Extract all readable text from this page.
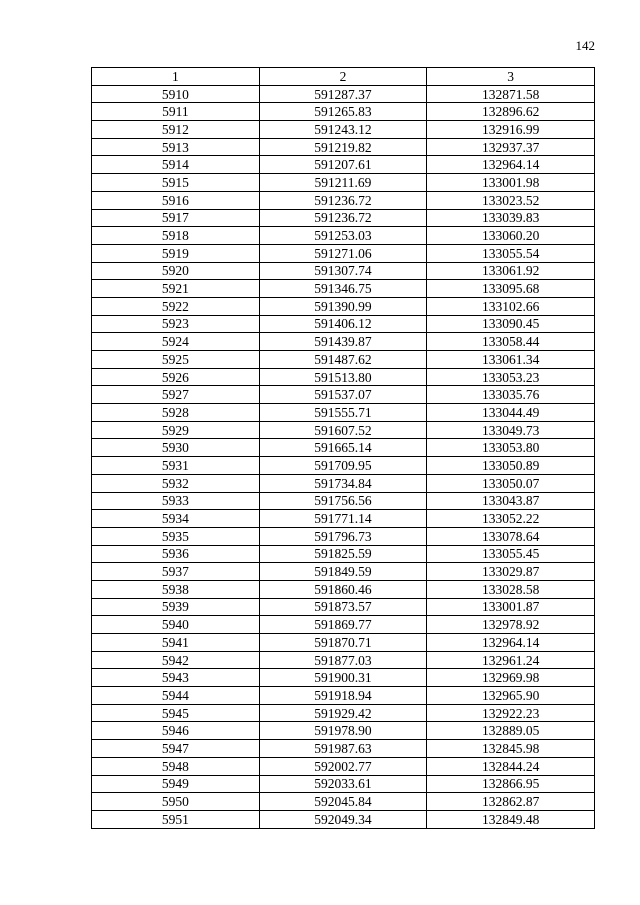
142
1	2	3
5910	591287.37	132871.58
5911	591265.83	132896.62
5912	591243.12	132916.99
5913	591219.82	132937.37
5914	591207.61	132964.14
5915	591211.69	133001.98
5916	591236.72	133023.52
5917	591236.72	133039.83
5918	591253.03	133060.20
5919	591271.06	133055.54
5920	591307.74	133061.92
5921	591346.75	133095.68
5922	591390.99	133102.66
5923	591406.12	133090.45
5924	591439.87	133058.44
5925	591487.62	133061.34
5926	591513.80	133053.23
5927	591537.07	133035.76
5928	591555.71	133044.49
5929	591607.52	133049.73
5930	591665.14	133053.80
5931	591709.95	133050.89
5932	591734.84	133050.07
5933	591756.56	133043.87
5934	591771.14	133052.22
5935	591796.73	133078.64
5936	591825.59	133055.45
5937	591849.59	133029.87
5938	591860.46	133028.58
5939	591873.57	133001.87
5940	591869.77	132978.92
5941	591870.71	132964.14
5942	591877.03	132961.24
5943	591900.31	132969.98
5944	591918.94	132965.90
5945	591929.42	132922.23
5946	591978.90	132889.05
5947	591987.63	132845.98
5948	592002.77	132844.24
5949	592033.61	132866.95
5950	592045.84	132862.87
5951	592049.34	132849.48
